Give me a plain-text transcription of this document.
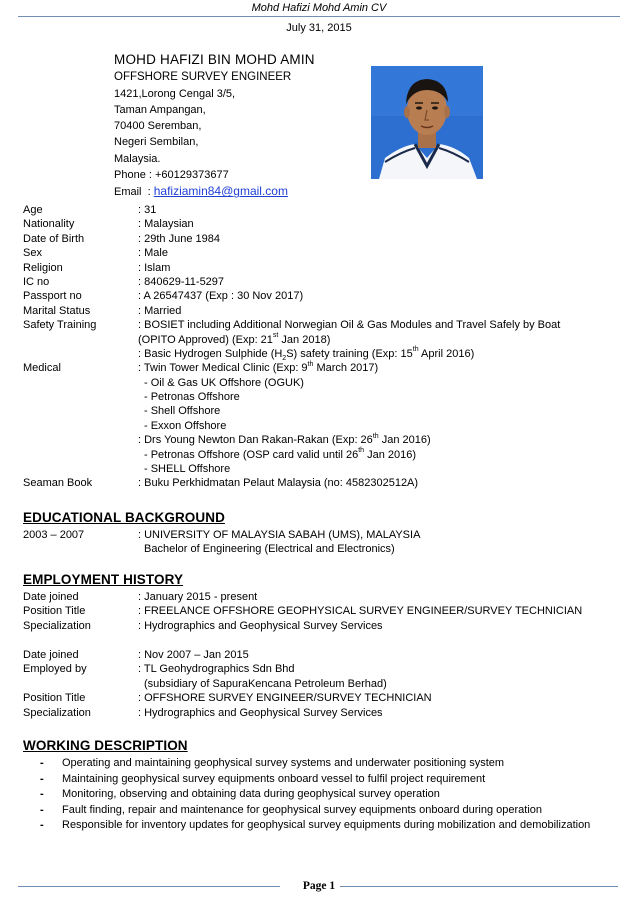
Mohd Hafizi Mohd Amin CV
July 31, 2015
MOHD HAFIZI BIN MOHD AMIN
OFFSHORE SURVEY ENGINEER
1421,Lorong Cengal 3/5,
Taman Ampangan,
70400 Seremban,
Negeri Sembilan,
Malaysia.
Phone : +60129373677
Email  : hafiziamin84@gmail.com
Age	: 31
Nationality	: Malaysian
Date of Birth	: 29th June 1984
Sex	: Male
Religion	: Islam
IC no	: 840629-11-5297
Passport no	: A 26547437 (Exp : 30 Nov 2017)
Marital Status	: Married
Safety Training	: BOSIET including Additional Norwegian Oil & Gas Modules and Travel Safely by Boat
(OPITO Approved) (Exp: 21st Jan 2018)
: Basic Hydrogen Sulphide $(H_2S)$ safety training (Exp: 15th April 2016)
Medical	: Twin Tower Medical Clinic (Exp: 9th March 2017)
- Oil & Gas UK Offshore (OGUK)
- Petronas Offshore
- Shell Offshore
- Exxon Offshore
: Drs Young Newton Dan Rakan-Rakan (Exp: 26th Jan 2016)
- Petronas Offshore (OSP card valid until 26th Jan 2016)
- SHELL Offshore
Seaman Book	: Buku Perkhidmatan Pelaut Malaysia (no: 4582302512A)
EDUCATIONAL BACKGROUND
2003 – 2007	: UNIVERSITY OF MALAYSIA SABAH (UMS), MALAYSIA
Bachelor of Engineering (Electrical and Electronics)
EMPLOYMENT HISTORY
Date joined	: January 2015 - present
Position Title	: FREELANCE OFFSHORE GEOPHYSICAL SURVEY ENGINEER/SURVEY TECHNICIAN
Specialization	: Hydrographics and Geophysical Survey Services
Date joined	: Nov 2007 – Jan 2015
Employed by	: TL Geohydrographics Sdn Bhd
(subsidiary of SapuraKencana Petroleum Berhad)
Position Title	: OFFSHORE SURVEY ENGINEER/SURVEY TECHNICIAN
Specialization	: Hydrographics and Geophysical Survey Services
WORKING DESCRIPTION
- Operating and maintaining geophysical survey systems and underwater positioning system
- Maintaining geophysical survey equipments onboard vessel to fulfil project requirement
- Monitoring, observing and obtaining data during geophysical survey operation
- Fault finding, repair and maintenance for geophysical survey equipments onboard during operation
- Responsible for inventory updates for geophysical survey equipments during mobilization and demobilization
Page 1
